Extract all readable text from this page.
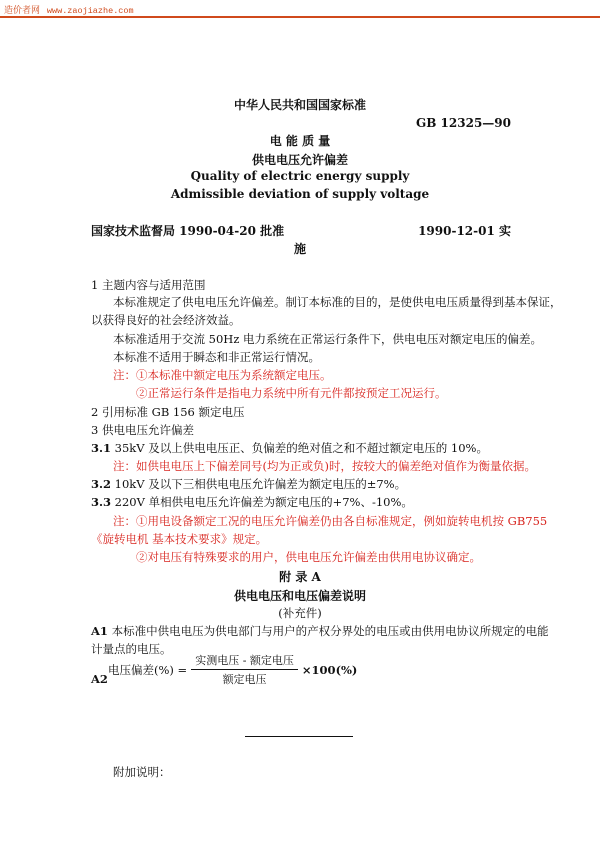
造价者网 www.zaojiazhe.com
中华人民共和国国家标准
GB 12325—90
电 能 质 量
供电电压允许偏差
Quality of electric energy supply
Admissible deviation of supply voltage
国家技术监督局 1990-04-20 批准	1990-12-01 实
施
1 主题内容与适用范围
本标准规定了供电电压允许偏差。制订本标准的目的，是使供电电压质量得到基本保证，
以获得良好的社会经济效益。
本标准适用于交流 50Hz 电力系统在正常运行条件下，供电电压对额定电压的偏差。
本标准不适用于瞬态和非正常运行情况。
注：①本标准中额定电压为系统额定电压。
②正常运行条件是指电力系统中所有元件都按预定工况运行。
2 引用标准 GB 156 额定电压
3 供电电压允许偏差
3.1 35kV 及以上供电电压正、负偏差的绝对值之和不超过额定电压的 10%。
注：如供电电压上下偏差同号(均为正或负)时，按较大的偏差绝对值作为衡量依据。
3.2 10kV 及以下三相供电电压允许偏差为额定电压的±7%。
3.3 220V 单相供电电压允许偏差为额定电压的+7%、-10%。
注：①用电设备额定工况的电压允许偏差仍由各自标准规定，例如旋转电机按 GB755
《旋转电机 基本技术要求》规定。
②对电压有特殊要求的用户，供电电压允许偏差由供用电协议确定。
附 录 A
供电电压和电压偏差说明
(补充件)
A1 本标准中供电电压为供电部门与用户的产权分界处的电压或由供用电协议所规定的电能
计量点的电压。
A2
电压偏差(%) = $\frac{\text{实测电压 - 额定电压}}{\text{额定电压}} \times 100(\%)$
附加说明：
